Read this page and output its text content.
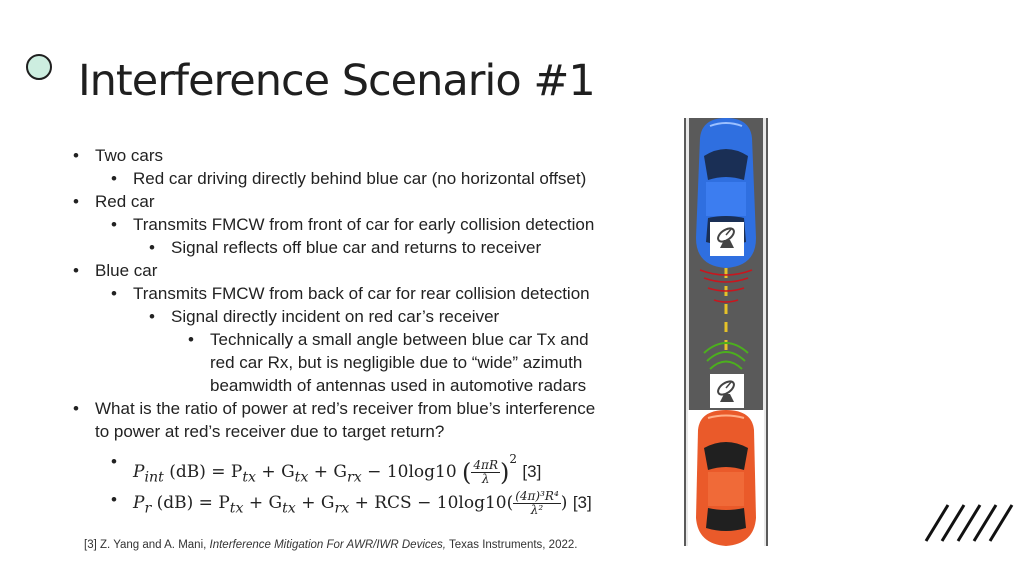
Interference Scenario #1
• Two cars
• Red car driving directly behind blue car (no horizontal offset)
• Red car
• Transmits FMCW from front of car for early collision detection
• Signal reflects off blue car and returns to receiver
• Blue car
• Transmits FMCW from back of car for rear collision detection
• Signal directly incident on red car’s receiver
• Technically a small angle between blue car Tx and
red car Rx, but is negligible due to “wide” azimuth
beamwidth of antennas used in automotive radars
• What is the ratio of power at red’s receiver from blue’s interference
to power at red’s receiver due to target return?
• $P_{int}$ $(dB) = P_{tx} + G_{tx} + G_{rx} - 10\log 10$ ( $\frac{4\pi R}{\lambda} )^2$ [3]
• $P_r$ $(dB) = P_{tx} + G_{tx} + G_{rx}$ + RCS − $10\log 10( \frac{\text{(4π)³R⁴}}{\text{λ²}}$ ) [3]
[3] Z. Yang and A. Mani, Interference Mitigation For AWR/IWR Devices, Texas Instruments, 2022.
